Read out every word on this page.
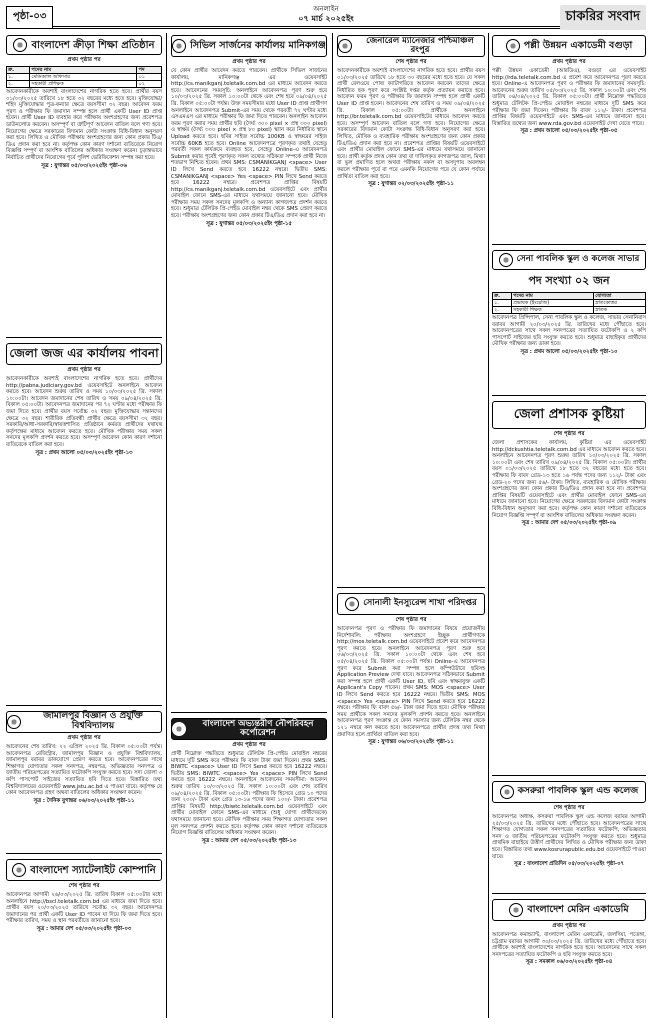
পৃষ্ঠা-০৩
অনলাইন
০৭ মার্চ ২০২৫ইং	চাকরির সংবাদ
বাংলাদেশ ক্রীড়া শিক্ষা প্রতিষ্ঠান
প্রথম পৃষ্ঠার পর
ক্র.	পদের নাম	পদ
১.	মেডিক্যাল অফিসার	০১
২.	সহকারী প্রশিক্ষক	০২
আবেদনকারীকে অবশ্যই বাংলাদেশের নাগরিক হতে হবে। প্রার্থীর বয়স ০১/০৩/২০২৫ তারিখে ১৮ হতে ৩২ বছরের মধ্যে হতে হবে। মুক্তিযোদ্ধা/শহিদ মুক্তিযোদ্ধার পুত্র-কন্যার ক্ষেত্রে বয়সসীমা ৩২ বছর। আবেদন ফরম পূরণ ও পরীক্ষার ফি জমাদান সম্পন্ন হলে প্রার্থী একটি User ID প্রাপ্ত হবেন। প্রার্থী User ID ব্যবহার করে পরীক্ষায় অংশগ্রহণের জন্য প্রবেশপত্র ডাউনলোড করবেন। অসম্পূর্ণ বা ত্রুটিপূর্ণ আবেদন বাতিল বলে গণ্য হবে। নিয়োগের ক্ষেত্রে সরকারের বিদ্যমান কোটা সংক্রান্ত বিধি-বিধান অনুসরণ করা হবে। লিখিত ও মৌখিক পরীক্ষায় অংশগ্রহণের জন্য কোন প্রকার টিএ/ডিএ প্রদান করা হবে না। কর্তৃপক্ষ কোন কারণ দর্শানো ব্যতিরেকে নিয়োগ বিজ্ঞপ্তি সম্পূর্ণ বা আংশিক বাতিলের অধিকার সংরক্ষণ করেন। চূড়ান্তভাবে নির্বাচিত প্রার্থীদের নিয়োগের পূর্বে পুলিশ ভেরিফিকেশন সম্পন্ন করা হবে।
সূত্র : যুগান্তর ০৫/০৩/২০২৫ইং পৃষ্ঠা-০৬
জেলা জজ এর কার্যালয় পাবনা
প্রথম পৃষ্ঠার পর
আবেদনকারীকে অবশ্যই বাংলাদেশের নাগরিক হতে হবে। প্রার্থীদের http://pabna.judiciary.gov.bd ওয়েবসাইটে অনলাইনে আবেদন করতে হবে। আবেদন শুরুর তারিখ ও সময় ১০/০৩/২০২৫ খ্রি. সকাল ১০:০০টা। আবেদন জমাদানের শেষ তারিখ ও সময় ০৯/০৪/২০২৫ খ্রি. বিকাল ০৫:০০টা। আবেদনপত্র জমাদানের পর ৭২ ঘণ্টার মধ্যে পরীক্ষার ফি জমা দিতে হবে। প্রার্থীর বয়স সর্বোচ্চ ৩২ বছর। মুক্তিযোদ্ধার সন্তানদের ক্ষেত্রে ৩২ বছর। শারীরিক প্রতিবন্ধী প্রার্থীর ক্ষেত্রে বয়সসীমা ৩২ বছর। সরকারি/আধা-সরকারি/স্বায়ত্তশাসিত প্রতিষ্ঠানে কর্মরত প্রার্থীদের যথাযথ কর্তৃপক্ষের মাধ্যমে আবেদন করতে হবে। মৌখিক পরীক্ষার সময় সকল সনদের মূলকপি প্রদর্শন করতে হবে। অসম্পূর্ণ আবেদন কোন কারণ দর্শানো ব্যতিরেকে বাতিল করা হবে।
সূত্র : প্রথম আলো ০৫/০৩/২০২৫ইং পৃষ্ঠা-১৩
জামালপুর বিজ্ঞান ও প্রযুক্তি বিশ্ববিদ্যালয়
প্রথম পৃষ্ঠার পর
আবেদনের শেষ তারিখ: ২২ এপ্রিল ২০২৫ খ্রি. বিকাল ০৫:০০টা পর্যন্ত। আবেদনপত্র রেজিস্ট্রার, জামালপুর বিজ্ঞান ও প্রযুক্তি বিশ্ববিদ্যালয়, জামালপুর বরাবর ডাকযোগে প্রেরণ করতে হবে। আবেদনপত্রের সাথে শিক্ষাগত যোগ্যতার সকল সনদপত্র, নম্বরপত্র, অভিজ্ঞতার সনদপত্র ও জাতীয় পরিচয়পত্রের সত্যায়িত ফটোকপি সংযুক্ত করতে হবে। সদ্য তোলা ৩ কপি পাসপোর্ট সাইজের সত্যায়িত ছবি দিতে হবে। বিস্তারিত তথ্য বিশ্ববিদ্যালয়ের ওয়েবসাইট www.jstu.ac.bd এ পাওয়া যাবে। কর্তৃপক্ষ যে কোন আবেদনপত্র গ্রহণ অথবা বাতিলের অধিকার সংরক্ষণ করেন।
সূত্র : দৈনিক যুগান্তর ০৬/০৩/২০২৫ইং পৃষ্ঠা-১১
বাংলাদেশ স্যাটেলাইট কোম্পানি
শেষ পৃষ্ঠার পর
আবেদনপত্র আগামী ২৬/০৩/২০২৫ খ্রি. তারিখ বিকাল ০৫:০০টার মধ্যে অনলাইনে http://bscl.teletalk.com.bd এর মাধ্যমে জমা দিতে হবে। প্রার্থীর বয়স ২০/০৩/২০২৫ তারিখে সর্বোচ্চ ৩২ বছর। আবেদনপত্র জমাদানের পর প্রার্থী একটি User ID পাবেন যা দিয়ে ফি জমা দিতে হবে। পরীক্ষার তারিখ, সময় ও স্থান পরবর্তীতে জানানো হবে।
সূত্র : আমার দেশ ০৫/০৩/২০২৫ইং পৃষ্ঠা-০৩
সিভিল সার্জনের কার্যালয় মানিকগঞ্জ
প্রথম পৃষ্ঠার পর
যে কোন প্রার্থীর আবেদন করতে পারবেন। প্রার্থীকে সিভিল সার্জনের কার্যালয়, মানিকগঞ্জ এর ওয়েবসাইট http://cs.manikganj.teletalk.com.bd এর মাধ্যমে আবেদন করতে হবে। আবেদনের সময়সূচি: অনলাইনে আবেদনপত্র পূরণ শুরু হবে ১০/০৩/২০২৫ খ্রি. সকাল ১০:০০টা থেকে এবং শেষ হবে ০৯/০৪/২০২৫ খ্রি. বিকাল ০৫:০০টা পর্যন্ত। উক্ত সময়সীমার মধ্যে User ID প্রাপ্ত প্রার্থীগণ অনলাইনে আবেদনপত্র Submit-এর সময় থেকে পরবর্তী ৭২ ঘণ্টার মধ্যে এসএমএস এর মাধ্যমে পরীক্ষার ফি জমা দিতে পারবেন। অনলাইন আবেদন ফরম পূরণ করার সময় প্রার্থীর ছবি (দৈর্ঘ্য ৩০০ pixel × প্রস্থ ৩০০ pixel) ও স্বাক্ষর (দৈর্ঘ্য ৩০০ pixel × প্রস্থ ৮০ pixel) স্ক্যান করে নির্ধারিত স্থানে Upload করতে হবে। ছবির সাইজ সর্বোচ্চ 100KB ও স্বাক্ষরের সাইজ সর্বোচ্চ 60KB হতে হবে। Online আবেদনপত্রে পূরণকৃত তথ্যই যেহেতু পরবর্তী সকল কার্যক্রমে ব্যবহৃত হবে, সেহেতু Online-এ আবেদনপত্র Submit করার পূর্বেই পূরণকৃত সকল তথ্যের সঠিকতা সম্পর্কে প্রার্থী নিজে শতভাগ নিশ্চিত হবেন। প্রথম SMS: CSMANIKGANJ <space> User ID লিখে Send করতে হবে 16222 নম্বরে। দ্বিতীয় SMS: CSMANIKGANJ <space> Yes <space> PIN লিখে Send করতে হবে 16222 নম্বরে। প্রবেশপত্র প্রাপ্তির বিষয়টি http://cs.manikganj.teletalk.com.bd ওয়েবসাইটে এবং প্রার্থীর মোবাইল ফোনে SMS-এর মাধ্যমে যথাসময়ে জানানো হবে। মৌখিক পরীক্ষার সময় সকল সনদের মূলকপি ও অন্যান্য কাগজপত্র প্রদর্শন করতে হবে। শুধুমাত্র টেলিটক প্রি-পেইড মোবাইল নম্বর থেকে SMS প্রেরণ করতে হবে। পরীক্ষায় অংশগ্রহণের জন্য কোন প্রকার টিএ/ডিএ প্রদান করা হবে না।
সূত্র : যুগান্তর ০৫/০৩/২০২৫ইং পৃষ্ঠা-১৫
বাংলাদেশ অভ্যন্তরীণ নৌপরিবহন কর্পোরেশন
প্রথম পৃষ্ঠার পর
প্রার্থী নিম্নোক্ত পদ্ধতিতে শুধুমাত্র টেলিটক প্রি-পেইড মোবাইল নম্বরের মাধ্যমে দুটি SMS করে পরীক্ষার ফি বাবদ টাকা জমা দিবেন। প্রথম SMS: BIWTC <space> User ID লিখে Send করতে হবে 16222 নম্বরে। দ্বিতীয় SMS: BIWTC <space> Yes <space> PIN লিখে Send করতে হবে 16222 নম্বরে। অনলাইনে আবেদনের সময়সীমা: আবেদন শুরুর তারিখ ১০/০৩/২০২৫ খ্রি. সকাল ১০:০০টা এবং শেষ তারিখ ০৯/০৪/২০২৫ খ্রি. বিকাল ০৫:০০টা। পরীক্ষার ফি হিসেবে গ্রেড ১০ পদের জন্য ২০০/- টাকা এবং গ্রেড ১৩-১৬ পদের জন্য ১০০/- টাকা। প্রবেশপত্র প্রাপ্তির বিষয়টি http://biwtc.teletalk.com.bd ওয়েবসাইটে এবং প্রার্থীর মোবাইল ফোনে SMS-এর মাধ্যমে (শুধু যোগ্য প্রার্থীদেরকে) যথাসময়ে জানানো হবে। মৌখিক পরীক্ষার সময় শিক্ষাগত যোগ্যতার সকল মূল সনদপত্র প্রদর্শন করতে হবে। কর্তৃপক্ষ কোন কারণ দর্শানো ব্যতিরেকে নিয়োগ বিজ্ঞপ্তি বাতিলের অধিকার সংরক্ষণ করেন।
সূত্র : আমার দেশ ০৫/০৩/২০২৫ইং পৃষ্ঠা-১৩
জেনারেল ম্যানেজার পশ্চিমাঞ্চল রংপুর
শেষ পৃষ্ঠার পর
আবেদনকারীকে অবশ্যই বাংলাদেশের নাগরিক হতে হবে। প্রার্থীর বয়স ০১/০৩/২০২৫ তারিখে ১৮ হতে ৩০ বছরের মধ্যে হতে হবে। যে সকল প্রার্থী রেলওয়ে পোষ্য ক্যাটাগরিতে আবেদন করবেন তাদের ক্ষেত্রে নির্ধারিত ছক পূরণ করে সংশ্লিষ্ট দপ্তর কর্তৃক প্রত্যায়ন করাতে হবে। আবেদন ফরম পূরণ ও পরীক্ষার ফি জমাদান সম্পন্ন হলে প্রার্থী একটি User ID প্রাপ্ত হবেন। আবেদনের শেষ তারিখ ও সময় ০৯/০৪/২০২৫ খ্রি. বিকাল ০৫:০০টা। প্রার্থীকে অনলাইনে http://br.teletalk.com.bd ওয়েবসাইটের মাধ্যমে আবেদন করতে হবে। অসম্পূর্ণ আবেদন বাতিল বলে গণ্য হবে। নিয়োগের ক্ষেত্রে সরকারের বিদ্যমান কোটা সংক্রান্ত বিধি-বিধান অনুসরণ করা হবে। লিখিত, মৌখিক ও ব্যবহারিক পরীক্ষায় অংশগ্রহণের জন্য কোন প্রকার টিএ/ডিএ প্রদান করা হবে না। প্রবেশপত্র প্রাপ্তির বিষয়টি ওয়েবসাইটে এবং প্রার্থীর মোবাইল ফোনে SMS-এর মাধ্যমে যথাসময়ে জানানো হবে। প্রার্থী কর্তৃক প্রদত্ত কোন তথ্য বা দাখিলকৃত কাগজপত্র জাল, মিথ্যা বা ভুল প্রমাণিত হলে অথবা পরীক্ষায় নকল বা অসদুপায় অবলম্বন করলে পরীক্ষার পূর্বে বা পরে এমনকি নিয়োগের পরে যে কোন পর্যায়ে প্রার্থিতা বাতিল করা হবে।
সূত্র : যুগান্তর ০২/০৩/২০২৫ইং পৃষ্ঠা-১১
সোনালী ইনস্যুরেন্স শাখা পরিদপ্তর
শেষ পৃষ্ঠার পর
আবেদনপত্র পূরণ ও পরীক্ষার ফি জমাদানের বিষয়ে প্রয়োজনীয় নির্দেশাবলি: পরীক্ষায় অংশগ্রহণে ইচ্ছুক প্রার্থীগণকে http://mos.teletalk.com.bd ওয়েবসাইটে প্রবেশ করে আবেদনপত্র পূরণ করতে হবে। অনলাইনে আবেদনপত্র পূরণ শুরু হবে ০৬/০৩/২০২৫ খ্রি. সকাল ১০:০০টা থেকে এবং শেষ হবে ০৫/০৪/২০২৫ খ্রি. বিকাল ০৫:০০টা পর্যন্ত। Online-এ আবেদনপত্র পূরণ করে Submit করা সম্পন্ন হলে কম্পিউটারে ছবিসহ Application Preview দেখা যাবে। আবেদনপত্র সঠিকভাবে Submit করা সম্পন্ন হলে প্রার্থী একটি User ID, ছবি এবং স্বাক্ষরযুক্ত একটি Applicant's Copy পাবেন। প্রথম SMS: MOS <space> User ID লিখে Send করতে হবে 16222 নম্বরে। দ্বিতীয় SMS: MOS <space> Yes <space> PIN লিখে Send করতে হবে 16222 নম্বরে। পরীক্ষার ফি বাবদ ৫৬/- টাকা জমা দিতে হবে। মৌখিক পরীক্ষার সময় প্রার্থীকে সকল সনদের মূলকপি প্রদর্শন করতে হবে। অনলাইনে আবেদনপত্র পূরণ সংক্রান্ত যে কোন সমস্যার জন্য টেলিটক নম্বর থেকে ১২১ নম্বরে কল করতে হবে। আবেদনপত্রে প্রার্থীর প্রদত্ত তথ্য মিথ্যা প্রমাণিত হলে প্রার্থিতা বাতিল করা হবে।
সূত্র : যুগান্তর ০৬/০৩/২০২৫ইং পৃষ্ঠা-১১
পল্লী উন্নয়ন একাডেমী বগুড়া
প্রথম পৃষ্ঠার পর
পল্লী উন্নয়ন একাডেমী (আরডিএ), বগুড়া এর ওয়েবসাইট http://rda.teletalk.com.bd এ প্রবেশ করে আবেদনপত্র পূরণ করতে হবে। Online-এ আবেদনপত্র পূরণ ও পরীক্ষার ফি জমাদানের সময়সূচি: আবেদনের শুরুর তারিখ ০৫/০৩/২০২৫ খ্রি. সকাল ১০:০০টা এবং শেষ তারিখ ০৪/০৪/২০২৫ খ্রি. বিকাল ০৫:০০টা। প্রার্থী নিম্নোক্ত পদ্ধতিতে শুধুমাত্র টেলিটক প্রি-পেইড মোবাইল নম্বরের মাধ্যমে দুটি SMS করে পরীক্ষার ফি জমা দিবেন। পরীক্ষার ফি বাবদ ১১২/- টাকা। প্রবেশপত্র প্রাপ্তির বিষয়টি ওয়েবসাইটে এবং SMS-এর মাধ্যমে জানানো হবে। বিস্তারিত তথ্যের জন্য www.rda.gov.bd ওয়েবসাইট দেখা যেতে পারে।
সূত্র : প্রথম আলো ০৫/০৩/২০২৫ইং পৃষ্ঠা-০৫
সেনা পাবলিক স্কুল ও কলেজ সাভার
পদ সংখ্যা ০২ জন
ক্র.	পদের নাম	যোগ্যতা
১.	প্রভাষক (ইংরেজি)	স্নাতকোত্তর
২.	সহকারী শিক্ষক	স্নাতক
আবেদনপত্র প্রিন্সিপাল, সেনা পাবলিক স্কুল ও কলেজ, সাভার সেনানিবাস বরাবর আগামী ২০/০৩/২০২৫ খ্রি. তারিখের মধ্যে পৌঁছাতে হবে। আবেদনপত্রের সাথে সকল সনদপত্রের সত্যায়িত ফটোকপি ও ২ কপি পাসপোর্ট সাইজের ছবি সংযুক্ত করতে হবে। শুধুমাত্র বাছাইকৃত প্রার্থীদের মৌখিক পরীক্ষার জন্য ডাকা হবে।
সূত্র : প্রথম আলো ০৫/০৩/২০২৫ইং পৃষ্ঠা-১০
জেলা প্রশাসক কুষ্টিয়া
শেষ পৃষ্ঠার পর
জেলা প্রশাসকের কার্যালয়, কুষ্টিয়া এর ওয়েবসাইট http://dckushtia.teletalk.com.bd এর মাধ্যমে আবেদন করতে হবে। অনলাইনে আবেদনপত্র পূরণ শুরুর তারিখ ১০/০৩/২০২৫ খ্রি. সকাল ১০:০০টা এবং শেষ তারিখ ০৯/০৪/২০২৫ খ্রি. বিকাল ০৫:০০টা। প্রার্থীর বয়স ০১/০৩/২০২৫ তারিখে ১৮ হতে ৩২ বছরের মধ্যে হতে হবে। পরীক্ষার ফি বাবদ গ্রেড-১৩ হতে ১৬ পর্যন্ত পদের জন্য ১১২/- টাকা এবং গ্রেড-২০ পদের জন্য ৫৬/- টাকা। লিখিত, ব্যবহারিক ও মৌখিক পরীক্ষায় অংশগ্রহণের জন্য কোন প্রকার টিএ/ডিএ প্রদান করা হবে না। প্রবেশপত্র প্রাপ্তির বিষয়টি ওয়েবসাইটে এবং প্রার্থীর মোবাইল ফোনে SMS-এর মাধ্যমে জানানো হবে। নিয়োগের ক্ষেত্রে সরকারের বিদ্যমান কোটা সংক্রান্ত বিধি-বিধান অনুসরণ করা হবে। কর্তৃপক্ষ কোন কারণ দর্শানো ব্যতিরেকে নিয়োগ বিজ্ঞপ্তি সম্পূর্ণ বা আংশিক বাতিলের অধিকার সংরক্ষণ করেন।
সূত্র : আমার দেশ ০৫/০৩/২০২৫ইং পৃষ্ঠা-০৯
কসরুরা পাবলিক স্কুল এন্ড কলেজ
শেষ পৃষ্ঠার পর
আবেদনপত্র অধ্যক্ষ, কসরুরা পাবলিক স্কুল এন্ড কলেজ বরাবর আগামী ২৫/০৩/২০২৫ খ্রি. তারিখের মধ্যে পৌঁছাতে হবে। আবেদনপত্রের সাথে শিক্ষাগত যোগ্যতার সকল সনদপত্রের সত্যায়িত ফটোকপি, অভিজ্ঞতার সনদ ও জাতীয় পরিচয়পত্রের ফটোকপি সংযুক্ত করতে হবে। শুধুমাত্র প্রাথমিক বাছাইয়ে উত্তীর্ণ প্রার্থীদের লিখিত ও মৌখিক পরীক্ষার জন্য ডাকা হবে। বিস্তারিত তথ্য www.kosrurapublic.edu.bd ওয়েবসাইটে পাওয়া যাবে।
সূত্র : বাংলাদেশ প্রতিদিন ০৫/০৩/২০২৫ইং পৃষ্ঠা-০৭
বাংলাদেশ মেরিন একাডেমি
প্রথম পৃষ্ঠার পর
আবেদনপত্র কমান্ড্যান্ট, বাংলাদেশ মেরিন একাডেমি, জলদিয়া, পতেঙ্গা, চট্টগ্রাম বরাবর আগামী ৩০/০৩/২০২৫ খ্রি. তারিখের মধ্যে পৌঁছাতে হবে। প্রার্থীকে অবশ্যই বাংলাদেশের নাগরিক হতে হবে। আবেদনের সাথে সকল সনদপত্রের সত্যায়িত ফটোকপি ও ছবি সংযুক্ত করতে হবে।
সূত্র : সমকাল ০৬/০৩/২০২৫ইং পৃষ্ঠা-০৪
